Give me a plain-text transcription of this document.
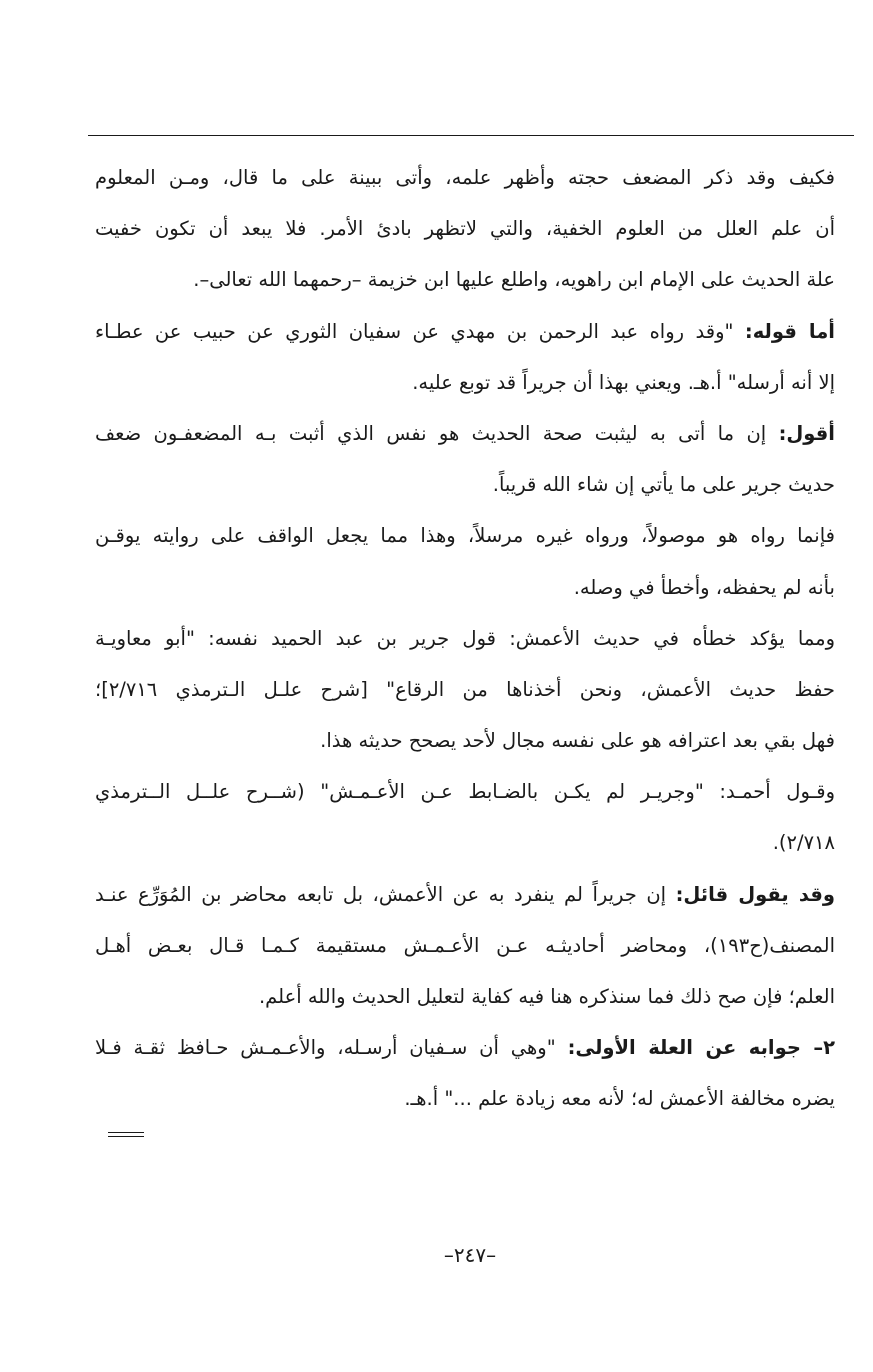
فكيف وقد ذكر المضعف حجته وأظهر علمه، وأتى ببينة على ما قال، ومـن المعلوم
أن علم العلل من العلوم الخفية، والتي لاتظهر بادئ الأمر. فلا يبعد أن تكون خفيت
علة الحديث على الإمام ابن راهويه، واطلع عليها ابن خزيمة –رحمهما الله تعالى–.
أما قوله: "وقد رواه عبد الرحمن بن مهدي عن سفيان الثوري عن حبيب عن عطـاء
إلا أنه أرسله" أ.هـ. ويعني بهذا أن جريراً قد توبع عليه.
أقول: إن ما أتى به ليثبت صحة الحديث هو نفس الذي أثبت بـه المضعفـون ضعف
حديث جرير على ما يأتي إن شاء الله قريباً.
فإنما رواه هو موصولاً، ورواه غيره مرسلاً، وهذا مما يجعل الواقف على روايته يوقـن
بأنه لم يحفظه، وأخطأ في وصله.
ومما يؤكد خطأه في حديث الأعمش: قول جرير بن عبد الحميد نفسه: "أبو معاويـة
حفظ حديث الأعمش، ونحن أخذناها من الرقاع" [شرح علـل الـترمذي ٢/٧١٦]؛
فهل بقي بعد اعترافه هو على نفسه مجال لأحد يصحح حديثه هذا.
وقـول أحمـد: "وجريـر لم يكـن بالضـابط عـن الأعـمـش" (شــرح علــل الــترمذي
٢/٧١٨).
وقد يقول قائل: إن جريراً لم ينفرد به عن الأعمش، بل تابعه محاضر بن المُوَرِّع عنـد
المصنف(ح١٩٣)، ومحاضر أحاديثـه عـن الأعـمـش مستقيمة كـمـا قـال بعـض أهـل
العلم؛ فإن صح ذلك فما سنذكره هنا فيه كفاية لتعليل الحديث والله أعلم.
٢– جوابه عن العلة الأولى: "وهي أن سـفيان أرسـله، والأعـمـش حـافظ ثقـة فـلا
يضره مخالفة الأعمش له؛ لأنه معه زيادة علم ..." أ.هـ.
–٢٤٧–
